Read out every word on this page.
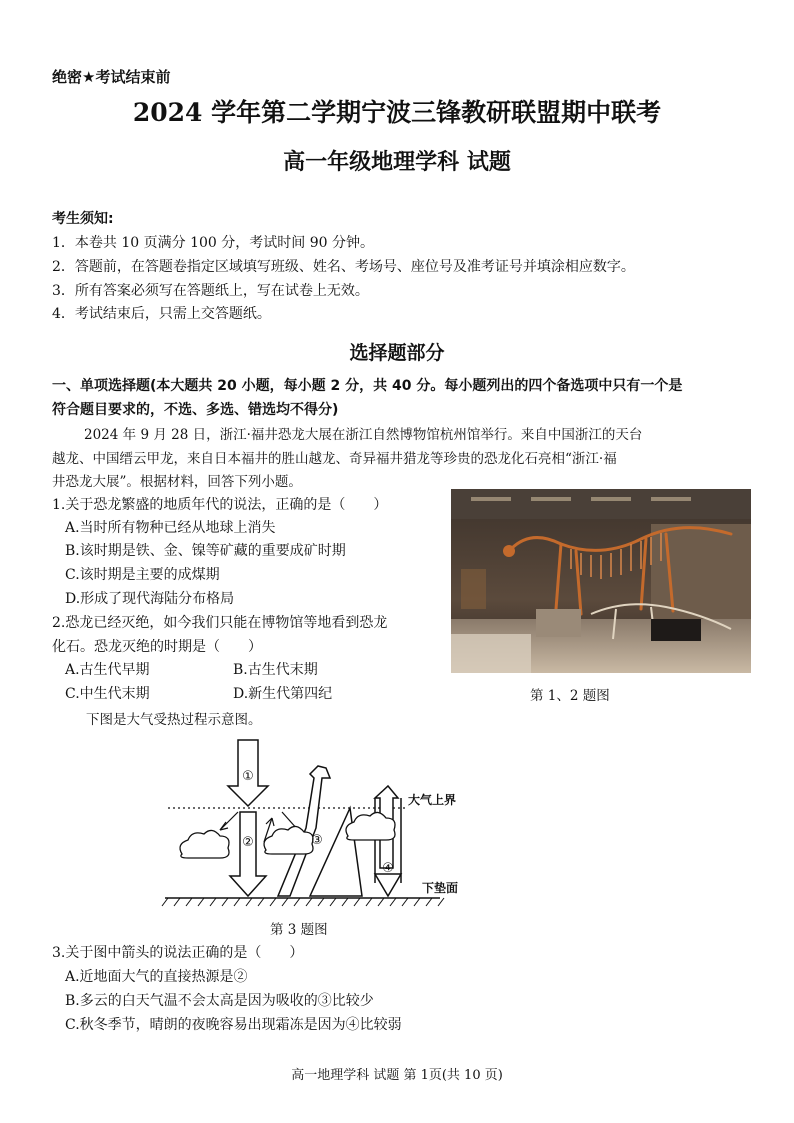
绝密★考试结束前
2024 学年第二学期宁波三锋教研联盟期中联考
高一年级地理学科 试题
考生须知:
1．本卷共 10 页满分 100 分，考试时间 90 分钟。
2．答题前，在答题卷指定区域填写班级、姓名、考场号、座位号及准考证号并填涂相应数字。
3．所有答案必须写在答题纸上，写在试卷上无效。
4．考试结束后，只需上交答题纸。
选择题部分
一、单项选择题(本大题共 20 小题，每小题 2 分，共 40 分。每小题列出的四个备选项中只有一个是
符合题目要求的，不选、多选、错选均不得分)
2024 年 9 月 28 日，浙江·福井恐龙大展在浙江自然博物馆杭州馆举行。来自中国浙江的天台
越龙、中国缙云甲龙，来自日本福井的胜山越龙、奇异福井猎龙等珍贵的恐龙化石亮相“浙江·福
井恐龙大展”。根据材料，回答下列小题。
1.关于恐龙繁盛的地质年代的说法，正确的是（　　）
A.当时所有物种已经从地球上消失
B.该时期是铁、金、镍等矿藏的重要成矿时期
C.该时期是主要的成煤期
D.形成了现代海陆分布格局
2.恐龙已经灭绝，如今我们只能在博物馆等地看到恐龙
化石。恐龙灭绝的时期是（　　）
A.古生代早期	B.古生代末期
C.中生代末期	D.新生代第四纪	第 1、2 题图
下图是大气受热过程示意图。
①
②	③
④
大气上界
下垫面
第 3 题图
3.关于图中箭头的说法正确的是（　　）
A.近地面大气的直接热源是②
B.多云的白天气温不会太高是因为吸收的③比较少
C.秋冬季节，晴朗的夜晚容易出现霜冻是因为④比较弱
高一地理学科 试题 第 1页(共 10 页)
